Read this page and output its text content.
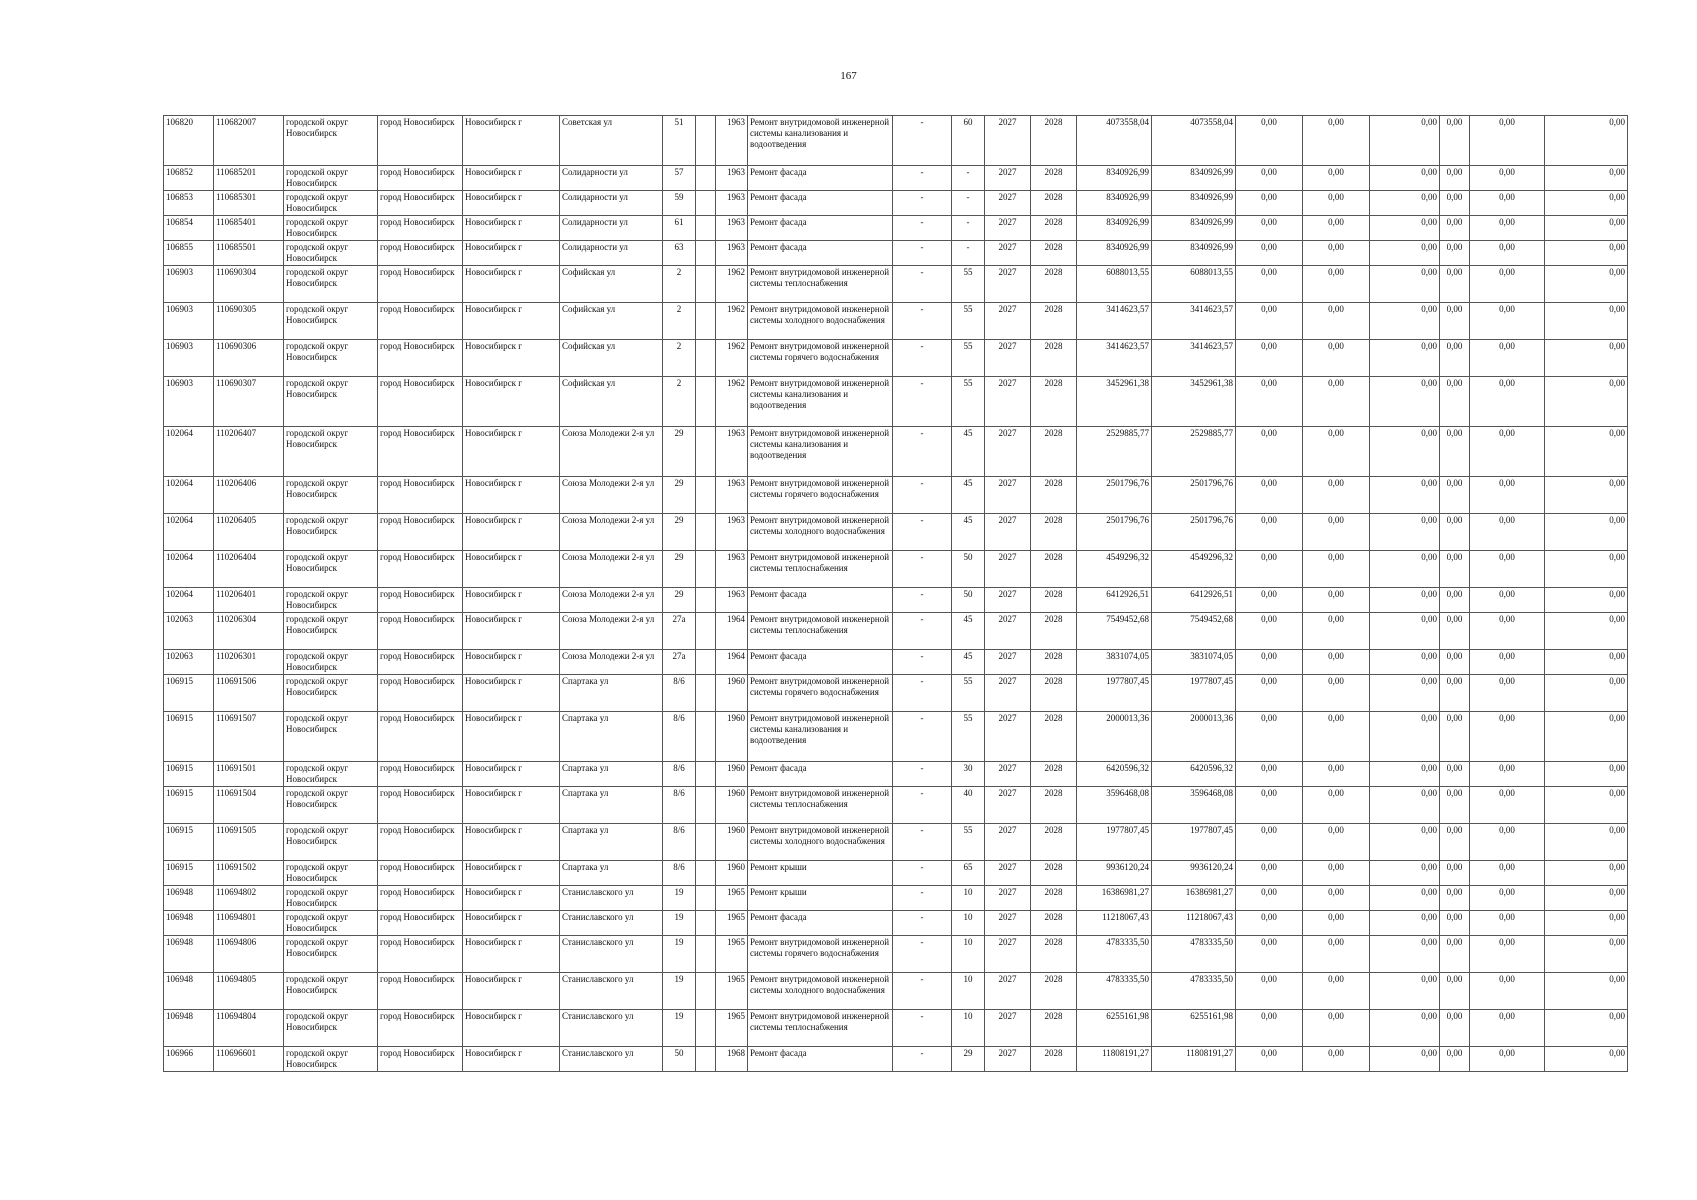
167
106820	110682007	городской округ Новосибирск	город Новосибирск	Новосибирск г	Советская ул	51		1963	Ремонт внутридомовой инженерной системы канализования и водоотведения	-	60	2027	2028	4073558,04	4073558,04	0,00	0,00	0,00	0,00	0,00	0,00
106852	110685201	городской округ Новосибирск	город Новосибирск	Новосибирск г	Солидарности ул	57		1963	Ремонт фасада	-	-	2027	2028	8340926,99	8340926,99	0,00	0,00	0,00	0,00	0,00	0,00
106853	110685301	городской округ Новосибирск	город Новосибирск	Новосибирск г	Солидарности ул	59		1963	Ремонт фасада	-	-	2027	2028	8340926,99	8340926,99	0,00	0,00	0,00	0,00	0,00	0,00
106854	110685401	городской округ Новосибирск	город Новосибирск	Новосибирск г	Солидарности ул	61		1963	Ремонт фасада	-	-	2027	2028	8340926,99	8340926,99	0,00	0,00	0,00	0,00	0,00	0,00
106855	110685501	городской округ Новосибирск	город Новосибирск	Новосибирск г	Солидарности ул	63		1963	Ремонт фасада	-	-	2027	2028	8340926,99	8340926,99	0,00	0,00	0,00	0,00	0,00	0,00
106903	110690304	городской округ Новосибирск	город Новосибирск	Новосибирск г	Софийская ул	2		1962	Ремонт внутридомовой инженерной системы теплоснабжения	-	55	2027	2028	6088013,55	6088013,55	0,00	0,00	0,00	0,00	0,00	0,00
106903	110690305	городской округ Новосибирск	город Новосибирск	Новосибирск г	Софийская ул	2		1962	Ремонт внутридомовой инженерной системы холодного водоснабжения	-	55	2027	2028	3414623,57	3414623,57	0,00	0,00	0,00	0,00	0,00	0,00
106903	110690306	городской округ Новосибирск	город Новосибирск	Новосибирск г	Софийская ул	2		1962	Ремонт внутридомовой инженерной системы горячего водоснабжения	-	55	2027	2028	3414623,57	3414623,57	0,00	0,00	0,00	0,00	0,00	0,00
106903	110690307	городской округ Новосибирск	город Новосибирск	Новосибирск г	Софийская ул	2		1962	Ремонт внутридомовой инженерной системы канализования и водоотведения	-	55	2027	2028	3452961,38	3452961,38	0,00	0,00	0,00	0,00	0,00	0,00
102064	110206407	городской округ Новосибирск	город Новосибирск	Новосибирск г	Союза Молодежи 2-я ул	29		1963	Ремонт внутридомовой инженерной системы канализования и водоотведения	-	45	2027	2028	2529885,77	2529885,77	0,00	0,00	0,00	0,00	0,00	0,00
102064	110206406	городской округ Новосибирск	город Новосибирск	Новосибирск г	Союза Молодежи 2-я ул	29		1963	Ремонт внутридомовой инженерной системы горячего водоснабжения	-	45	2027	2028	2501796,76	2501796,76	0,00	0,00	0,00	0,00	0,00	0,00
102064	110206405	городской округ Новосибирск	город Новосибирск	Новосибирск г	Союза Молодежи 2-я ул	29		1963	Ремонт внутридомовой инженерной системы холодного водоснабжения	-	45	2027	2028	2501796,76	2501796,76	0,00	0,00	0,00	0,00	0,00	0,00
102064	110206404	городской округ Новосибирск	город Новосибирск	Новосибирск г	Союза Молодежи 2-я ул	29		1963	Ремонт внутридомовой инженерной системы теплоснабжения	-	50	2027	2028	4549296,32	4549296,32	0,00	0,00	0,00	0,00	0,00	0,00
102064	110206401	городской округ Новосибирск	город Новосибирск	Новосибирск г	Союза Молодежи 2-я ул	29		1963	Ремонт фасада	-	50	2027	2028	6412926,51	6412926,51	0,00	0,00	0,00	0,00	0,00	0,00
102063	110206304	городской округ Новосибирск	город Новосибирск	Новосибирск г	Союза Молодежи 2-я ул	27а		1964	Ремонт внутридомовой инженерной системы теплоснабжения	-	45	2027	2028	7549452,68	7549452,68	0,00	0,00	0,00	0,00	0,00	0,00
102063	110206301	городской округ Новосибирск	город Новосибирск	Новосибирск г	Союза Молодежи 2-я ул	27а		1964	Ремонт фасада	-	45	2027	2028	3831074,05	3831074,05	0,00	0,00	0,00	0,00	0,00	0,00
106915	110691506	городской округ Новосибирск	город Новосибирск	Новосибирск г	Спартака ул	8/6		1960	Ремонт внутридомовой инженерной системы горячего водоснабжения	-	55	2027	2028	1977807,45	1977807,45	0,00	0,00	0,00	0,00	0,00	0,00
106915	110691507	городской округ Новосибирск	город Новосибирск	Новосибирск г	Спартака ул	8/6		1960	Ремонт внутридомовой инженерной системы канализования и водоотведения	-	55	2027	2028	2000013,36	2000013,36	0,00	0,00	0,00	0,00	0,00	0,00
106915	110691501	городской округ Новосибирск	город Новосибирск	Новосибирск г	Спартака ул	8/6		1960	Ремонт фасада	-	30	2027	2028	6420596,32	6420596,32	0,00	0,00	0,00	0,00	0,00	0,00
106915	110691504	городской округ Новосибирск	город Новосибирск	Новосибирск г	Спартака ул	8/6		1960	Ремонт внутридомовой инженерной системы теплоснабжения	-	40	2027	2028	3596468,08	3596468,08	0,00	0,00	0,00	0,00	0,00	0,00
106915	110691505	городской округ Новосибирск	город Новосибирск	Новосибирск г	Спартака ул	8/6		1960	Ремонт внутридомовой инженерной системы холодного водоснабжения	-	55	2027	2028	1977807,45	1977807,45	0,00	0,00	0,00	0,00	0,00	0,00
106915	110691502	городской округ Новосибирск	город Новосибирск	Новосибирск г	Спартака ул	8/6		1960	Ремонт крыши	-	65	2027	2028	9936120,24	9936120,24	0,00	0,00	0,00	0,00	0,00	0,00
106948	110694802	городской округ Новосибирск	город Новосибирск	Новосибирск г	Станиславского ул	19		1965	Ремонт крыши	-	10	2027	2028	16386981,27	16386981,27	0,00	0,00	0,00	0,00	0,00	0,00
106948	110694801	городской округ Новосибирск	город Новосибирск	Новосибирск г	Станиславского ул	19		1965	Ремонт фасада	-	10	2027	2028	11218067,43	11218067,43	0,00	0,00	0,00	0,00	0,00	0,00
106948	110694806	городской округ Новосибирск	город Новосибирск	Новосибирск г	Станиславского ул	19		1965	Ремонт внутридомовой инженерной системы горячего водоснабжения	-	10	2027	2028	4783335,50	4783335,50	0,00	0,00	0,00	0,00	0,00	0,00
106948	110694805	городской округ Новосибирск	город Новосибирск	Новосибирск г	Станиславского ул	19		1965	Ремонт внутридомовой инженерной системы холодного водоснабжения	-	10	2027	2028	4783335,50	4783335,50	0,00	0,00	0,00	0,00	0,00	0,00
106948	110694804	городской округ Новосибирск	город Новосибирск	Новосибирск г	Станиславского ул	19		1965	Ремонт внутридомовой инженерной системы теплоснабжения	-	10	2027	2028	6255161,98	6255161,98	0,00	0,00	0,00	0,00	0,00	0,00
106966	110696601	городской округ Новосибирск	город Новосибирск	Новосибирск г	Станиславского ул	50		1968	Ремонт фасада	-	29	2027	2028	11808191,27	11808191,27	0,00	0,00	0,00	0,00	0,00	0,00
